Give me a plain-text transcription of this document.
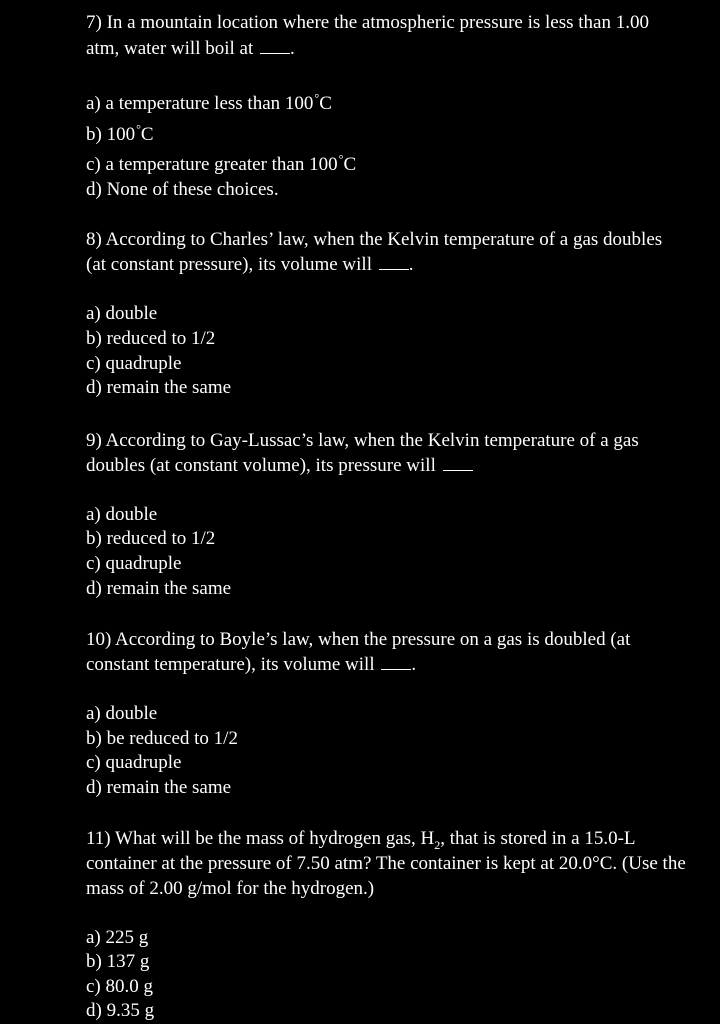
7) In a mountain location where the atmospheric pressure is less than 1.00 atm, water will boil at .

a) a temperature less than 100°C
b) 100°C
c) a temperature greater than 100°C
d) None of these choices.

8) According to Charles’ law, when the Kelvin temperature of a gas doubles (at constant pressure), its volume will .

a) double
b) reduced to 1/2
c) quadruple
d) remain the same

9) According to Gay-Lussac’s law, when the Kelvin temperature of a gas doubles (at constant volume), its pressure will

a) double
b) reduced to 1/2
c) quadruple
d) remain the same

10) According to Boyle’s law, when the pressure on a gas is doubled (at constant temperature), its volume will .

a) double
b) be reduced to 1/2
c) quadruple
d) remain the same

11) What will be the mass of hydrogen gas, $H_2$, that is stored in a 15.0-L container at the pressure of 7.50 atm? The container is kept at 20.0°C. (Use the mass of 2.00 g/mol for the hydrogen.)

a) 225 g
b) 137 g
c) 80.0 g
d) 9.35 g
